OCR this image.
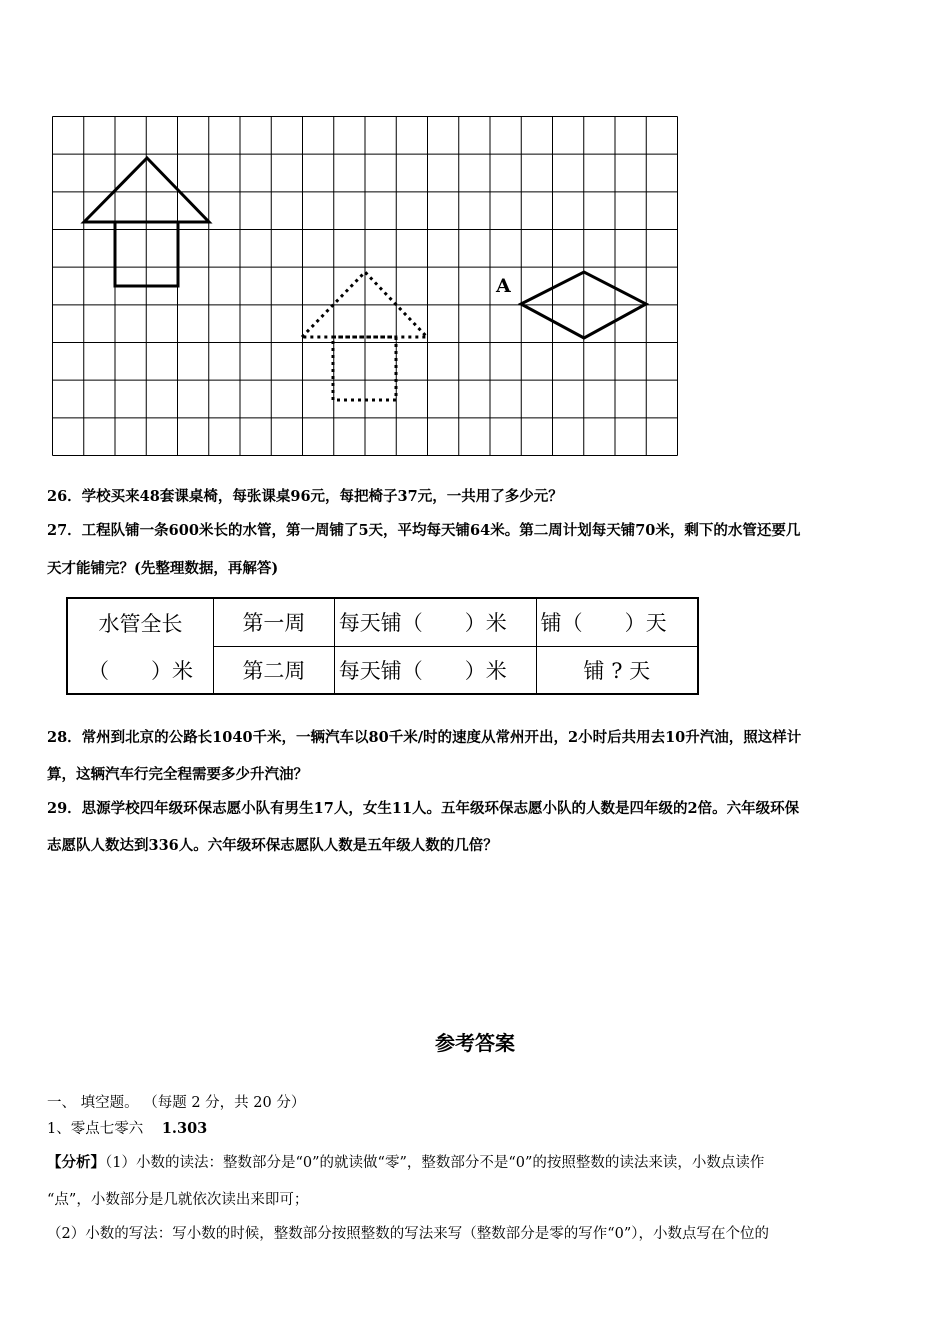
A
26．学校买来48套课桌椅，每张课桌96元，每把椅子37元，一共用了多少元？
27．工程队铺一条600米长的水管，第一周铺了5天，平均每天铺64米。第二周计划每天铺70米，剩下的水管还要几
天才能铺完？(先整理数据，再解答)
水管全长	第一周	每天铺（　　）米	铺（　　）天
（　　）米	第二周	每天铺（　　）米	铺 ? 天
28．常州到北京的公路长1040千米，一辆汽车以80千米/时的速度从常州开出，2小时后共用去10升汽油，照这样计
算，这辆汽车行完全程需要多少升汽油？
29．思源学校四年级环保志愿小队有男生17人，女生11人。五年级环保志愿小队的人数是四年级的2倍。六年级环保
志愿队人数达到336人。六年级环保志愿队人数是五年级人数的几倍？
参考答案
一、 填空题。 （每题 2 分，共 20 分）
1、零点七零六 1.303
【分析】（1）小数的读法：整数部分是“0”的就读做“零”，整数部分不是“0”的按照整数的读法来读，小数点读作
“点”，小数部分是几就依次读出来即可；
（2）小数的写法：写小数的时候，整数部分按照整数的写法来写（整数部分是零的写作“0”），小数点写在个位的
